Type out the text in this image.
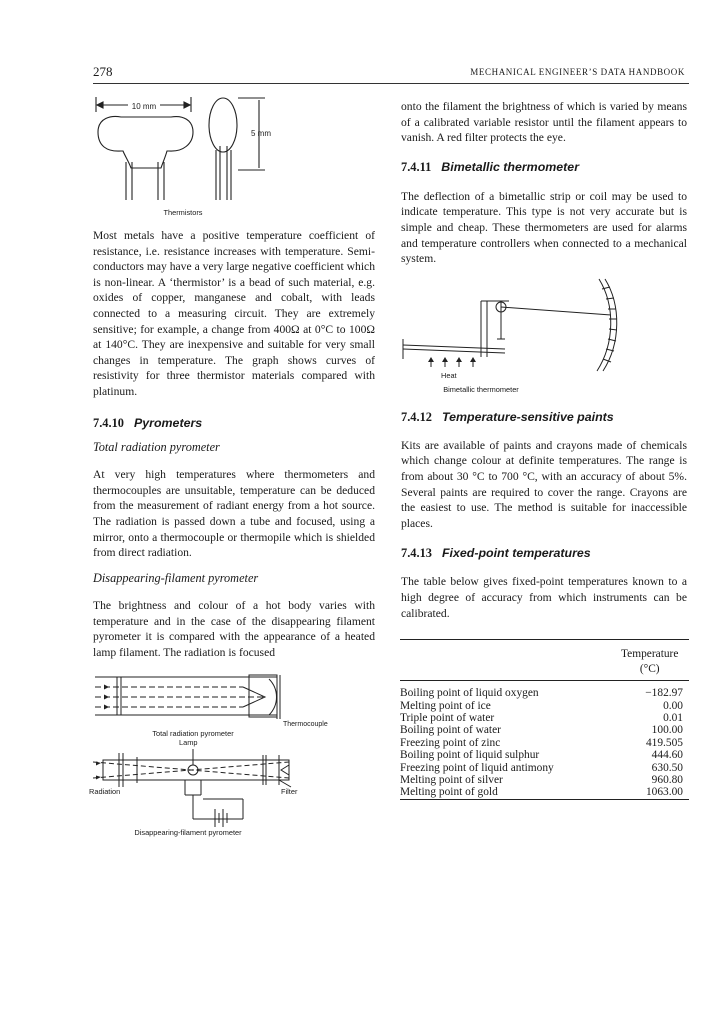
278	MECHANICAL ENGINEER’S DATA HANDBOOK
10 mm
5 mm

Thermistors

Most metals have a positive temperature coefficient of resistance, i.e. resistance increases with temperature. Semi-conductors may have a very large negative coefficient which is non-linear. A ‘thermistor’ is a bead of such material, e.g. oxides of copper, manganese and cobalt, with leads connected to a measuring circuit. They are extremely sensitive; for example, a change from 400Ω at 0°C to 100Ω at 140°C. They are inexpensive and suitable for very small changes in temperature. The graph shows curves of resistivity for three thermistor materials compared with platinum.

7.4.10 Pyrometers

Total radiation pyrometer

At very high temperatures where thermometers and thermocouples are unsuitable, temperature can be deduced from the measurement of radiant energy from a hot source. The radiation is passed down a tube and focused, using a mirror, onto a thermocouple or thermopile which is shielded from direct radiation.

Disappearing-filament pyrometer

The brightness and colour of a hot body varies with temperature and in the case of the disappearing filament pyrometer it is compared with the appearance of a heated lamp filament. The radiation is focused

Thermocouple

Total radiation pyrometer

Lamp
Radiation	Filter

Disappearing-filament pyrometer

onto the filament the brightness of which is varied by means of a calibrated variable resistor until the filament appears to vanish. A red filter protects the eye.

7.4.11 Bimetallic thermometer

The deflection of a bimetallic strip or coil may be used to indicate temperature. This type is not very accurate but is simple and cheap. These thermometers are used for alarms and temperature controllers when connected to a mechanical system.

Heat

Bimetallic thermometer

7.4.12 Temperature-sensitive paints

Kits are available of paints and crayons made of chemicals which change colour at definite temperatures. The range is from about 30 °C to 700 °C, with an accuracy of about 5%. Several paints are required to cover the range. Crayons are the easiest to use. The method is suitable for inaccessible places.

7.4.13 Fixed-point temperatures

The table below gives fixed-point temperatures known to a high degree of accuracy from which instruments can be calibrated.

	Temperature
(°C)

Boiling point of liquid oxygen	−182.97
Melting point of ice	0.00
Triple point of water	0.01
Boiling point of water	100.00
Freezing point of zinc	419.505
Boiling point of liquid sulphur	444.60
Freezing point of liquid antimony	630.50
Melting point of silver	960.80
Melting point of gold	1063.00
